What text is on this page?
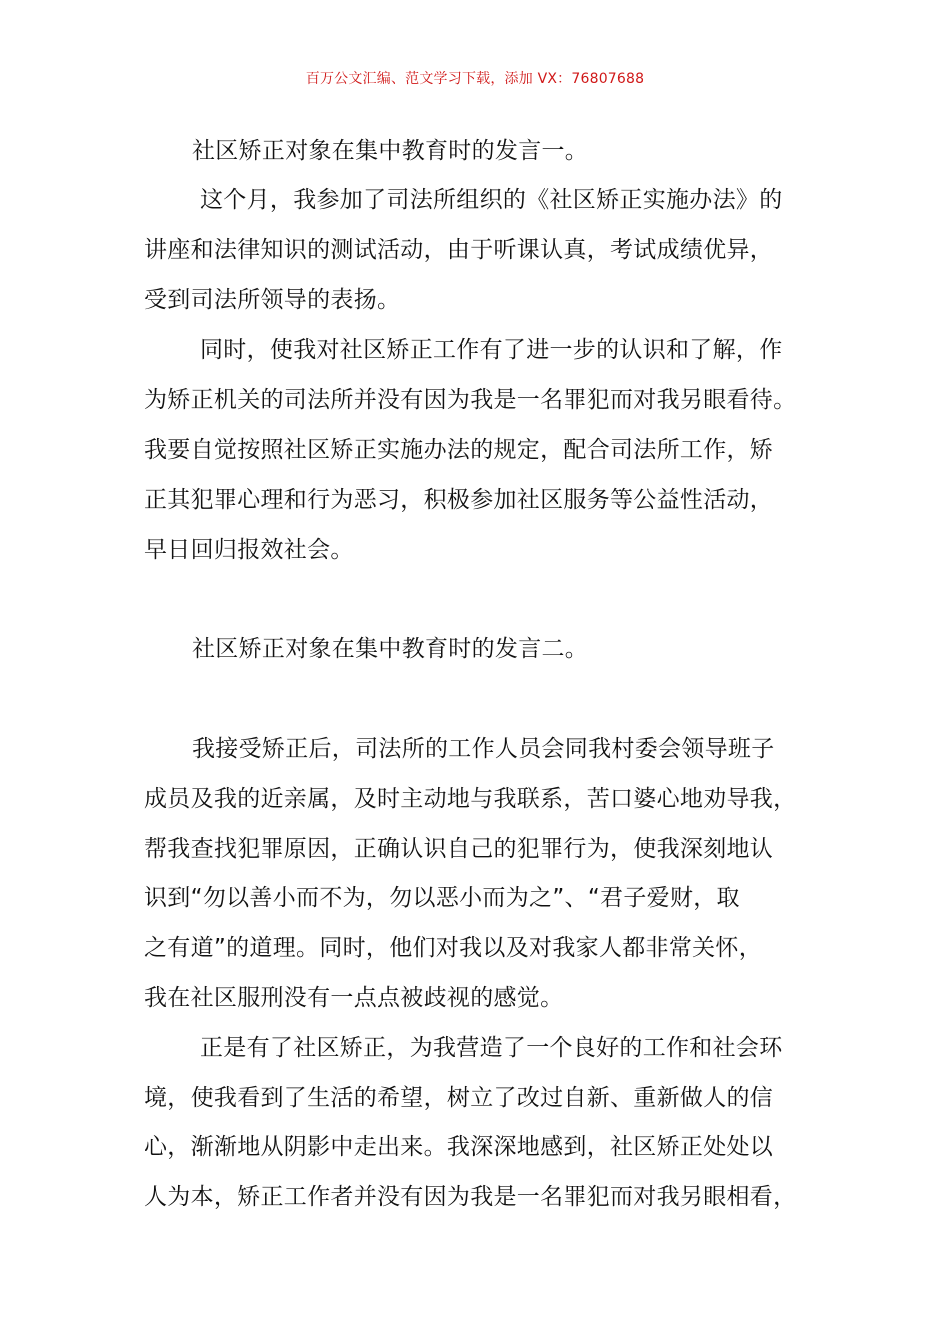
百万公文汇编、范文学习下载，添加 VX：76807688
社区矫正对象在集中教育时的发言一。
这个月，我参加了司法所组织的《社区矫正实施办法》的
讲座和法律知识的测试活动，由于听课认真，考试成绩优异，
受到司法所领导的表扬。
同时，使我对社区矫正工作有了进一步的认识和了解，作
为矫正机关的司法所并没有因为我是一名罪犯而对我另眼看待。
我要自觉按照社区矫正实施办法的规定，配合司法所工作，矫
正其犯罪心理和行为恶习，积极参加社区服务等公益性活动，
早日回归报效社会。
社区矫正对象在集中教育时的发言二。
我接受矫正后，司法所的工作人员会同我村委会领导班子
成员及我的近亲属，及时主动地与我联系，苦口婆心地劝导我，
帮我查找犯罪原因，正确认识自己的犯罪行为，使我深刻地认
识到“勿以善小而不为，勿以恶小而为之”、“君子爱财，取
之有道”的道理。同时，他们对我以及对我家人都非常关怀，
我在社区服刑没有一点点被歧视的感觉。
正是有了社区矫正，为我营造了一个良好的工作和社会环
境，使我看到了生活的希望，树立了改过自新、重新做人的信
心，渐渐地从阴影中走出来。我深深地感到，社区矫正处处以
人为本，矫正工作者并没有因为我是一名罪犯而对我另眼相看，
